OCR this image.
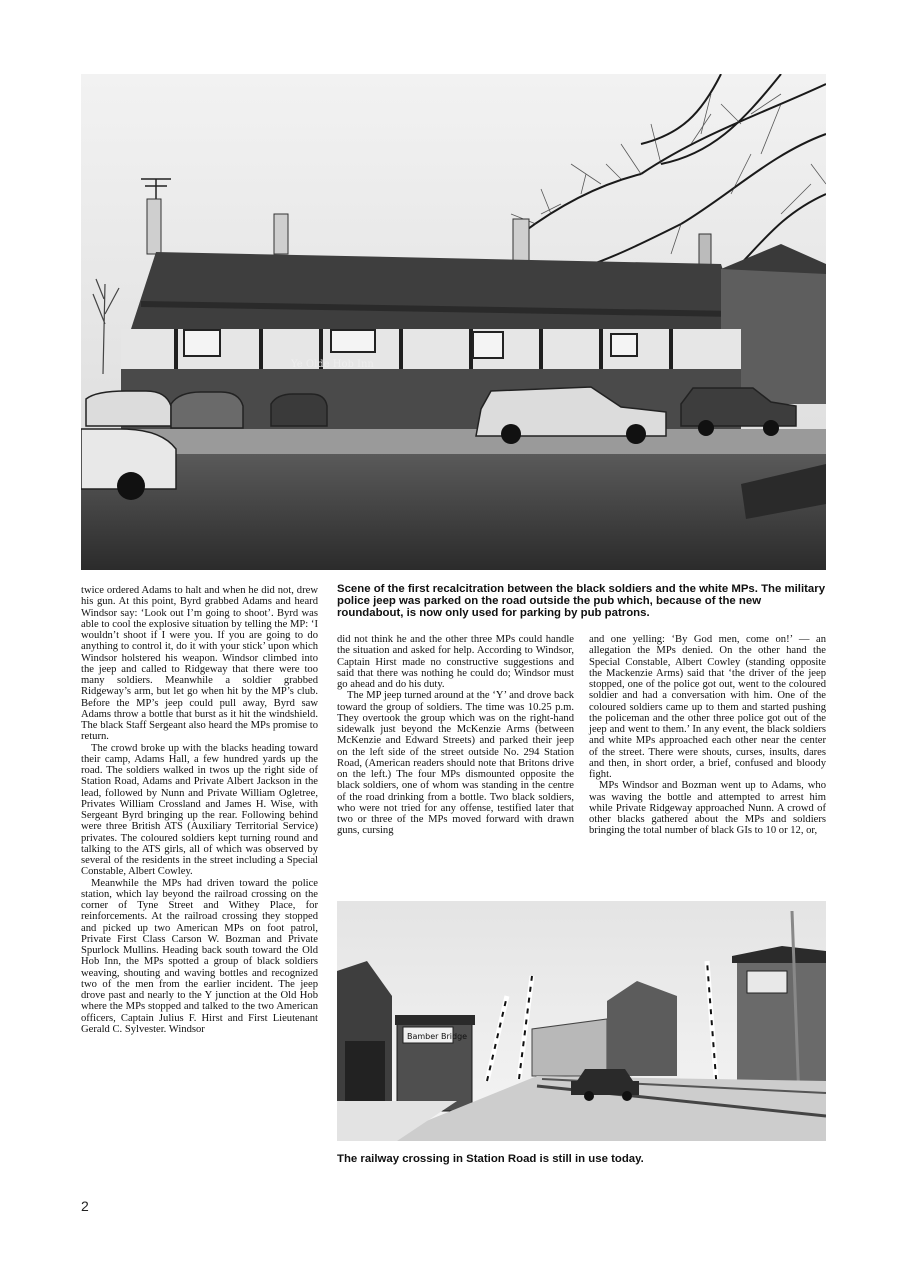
Ye Olde Hob Inn
Scene of the first recalcitration between the black soldiers and the white MPs. The military police jeep was parked on the road outside the pub which, because of the new roundabout, is now only used for parking by pub patrons.

twice ordered Adams to halt and when he did not, drew his gun. At this point, Byrd grabbed Adams and heard Windsor say: ‘Look out I’m going to shoot’. Byrd was able to cool the explosive situation by telling the MP: ‘I wouldn’t shoot if I were you. If you are going to do anything to control it, do it with your stick’ upon which Windsor holstered his weapon. Windsor climbed into the jeep and called to Ridgeway that there were too many soldiers. Meanwhile a soldier grabbed Ridgeway’s arm, but let go when hit by the MP’s club. Before the MP’s jeep could pull away, Byrd saw Adams throw a bottle that burst as it hit the windshield. The black Staff Sergeant also heard the MPs promise to return.

The crowd broke up with the blacks heading toward their camp, Adams Hall, a few hundred yards up the road. The soldiers walked in twos up the right side of Station Road, Adams and Private Albert Jackson in the lead, followed by Nunn and Private William Ogletree, Privates William Crossland and James H. Wise, with Sergeant Byrd bringing up the rear. Following behind were three British ATS (Auxiliary Territorial Service) privates. The coloured soldiers kept turning round and talking to the ATS girls, all of which was observed by several of the residents in the street including a Special Constable, Albert Cowley.

Meanwhile the MPs had driven toward the police station, which lay beyond the railroad crossing on the corner of Tyne Street and Withey Place, for reinforcements. At the railroad crossing they stopped and picked up two American MPs on foot patrol, Private First Class Carson W. Bozman and Private Spurlock Mullins. Heading back south toward the Old Hob Inn, the MPs spotted a group of black soldiers weaving, shouting and waving bottles and recognized two of the men from the earlier incident. The jeep drove past and nearly to the Y junction at the Old Hob where the MPs stopped and talked to the two American officers, Captain Julius F. Hirst and First Lieutenant Gerald C. Sylvester. Windsor

did not think he and the other three MPs could handle the situation and asked for help. According to Windsor, Captain Hirst made no constructive suggestions and said that there was nothing he could do; Windsor must go ahead and do his duty.

The MP jeep turned around at the ‘Y’ and drove back toward the group of soldiers. The time was 10.25 p.m. They overtook the group which was on the right-hand sidewalk just beyond the McKenzie Arms (between McKenzie and Edward Streets) and parked their jeep on the left side of the street outside No. 294 Station Road, (American readers should note that Britons drive on the left.) The four MPs dismounted opposite the black soldiers, one of whom was standing in the centre of the road drinking from a bottle. Two black soldiers, who were not tried for any offense, testified later that two or three of the MPs moved forward with drawn guns, cursing

and one yelling: ‘By God men, come on!’ — an allegation the MPs denied. On the other hand the Special Constable, Albert Cowley (standing opposite the Mackenzie Arms) said that ‘the driver of the jeep stopped, one of the police got out, went to the coloured soldier and had a conversation with him. One of the coloured soldiers came up to them and started pushing the policeman and the other three police got out of the jeep and went to them.’ In any event, the black soldiers and white MPs approached each other near the center of the street. There were shouts, curses, insults, dares and then, in short order, a brief, confused and bloody fight.

MPs Windsor and Bozman went up to Adams, who was waving the bottle and attempted to arrest him while Private Ridgeway approached Nunn. A crowd of other blacks gathered about the MPs and soldiers bringing the total number of black GIs to 10 or 12, or,

Bamber Bridge
The railway crossing in Station Road is still in use today.
2
